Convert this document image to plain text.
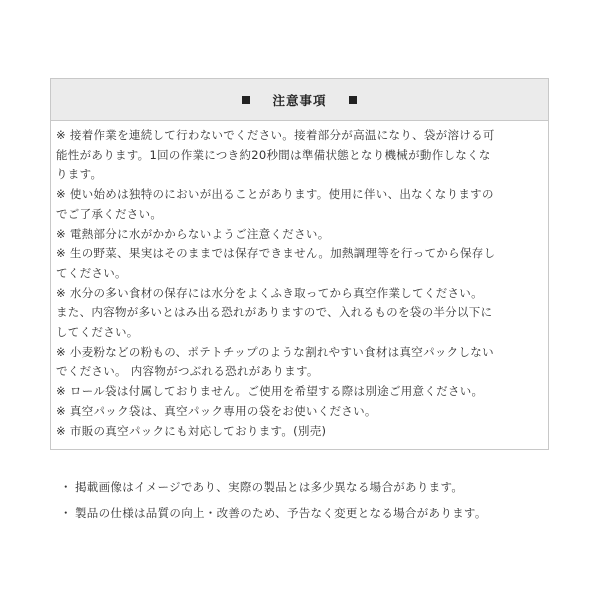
注意事項

※ 接着作業を連続して行わないでください。接着部分が高温になり、袋が溶ける可

能性があります。1回の作業につき約20秒間は準備状態となり機械が動作しなくな

ります。

※ 使い始めは独特のにおいが出ることがあります。使用に伴い、出なくなりますの

でご了承ください。

※ 電熱部分に水がかからないようご注意ください。

※ 生の野菜、果実はそのままでは保存できません。加熱調理等を行ってから保存し

てください。

※ 水分の多い食材の保存には水分をよくふき取ってから真空作業してください。

また、内容物が多いとはみ出る恐れがありますので、入れるものを袋の半分以下に

してください。

※ 小麦粉などの粉もの、ポテトチップのような割れやすい食材は真空パックしない

でください。 内容物がつぶれる恐れがあります。

※ ロール袋は付属しておりません。ご使用を希望する際は別途ご用意ください。

※ 真空パック袋は、真空パック専用の袋をお使いください。

※ 市販の真空パックにも対応しております。(別売)

・ 掲載画像はイメージであり、実際の製品とは多少異なる場合があります。
・ 製品の仕様は品質の向上・改善のため、予告なく変更となる場合があります。
